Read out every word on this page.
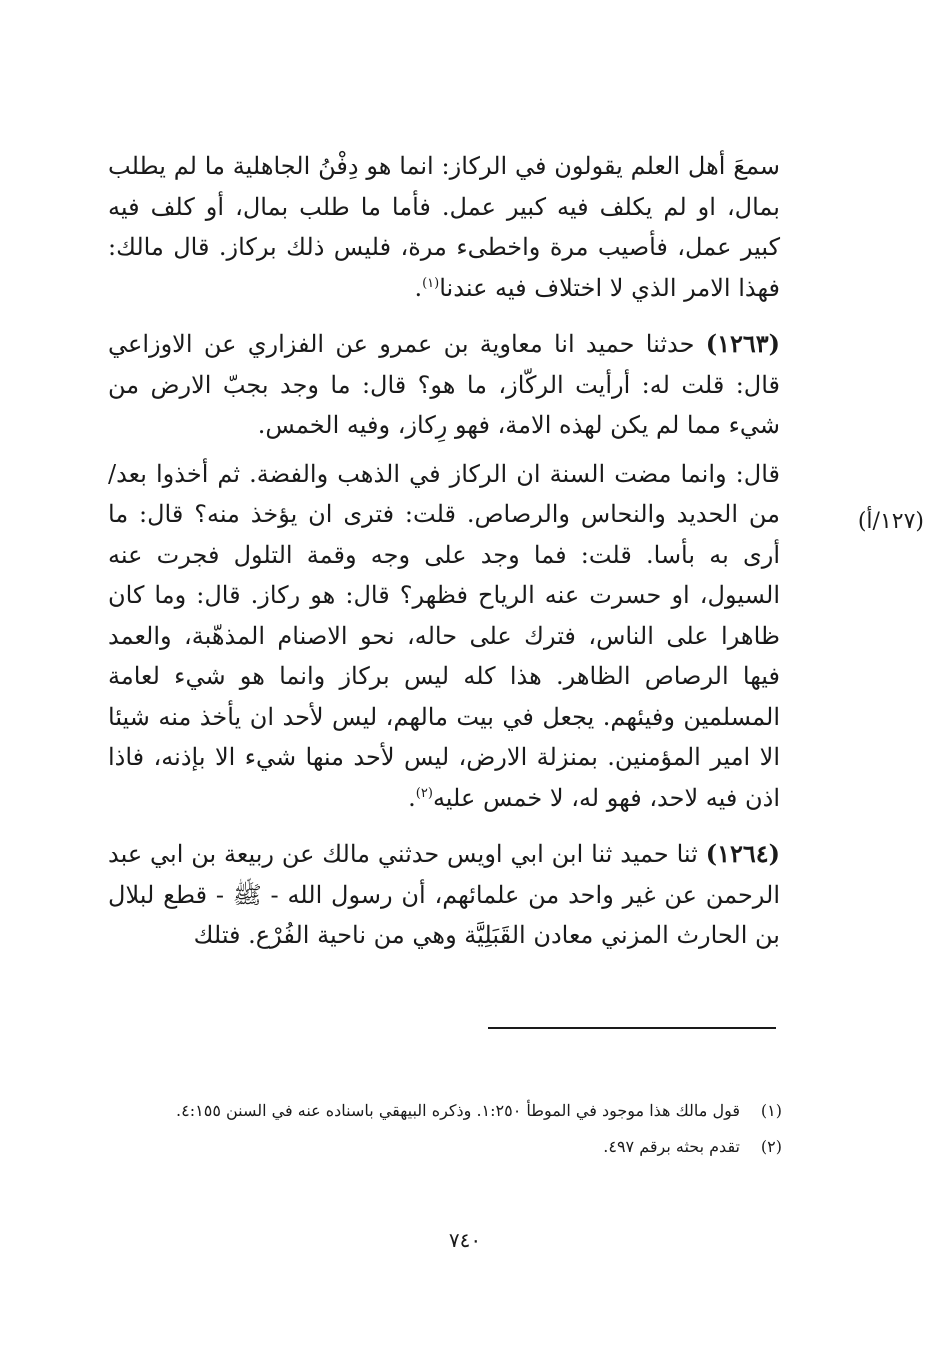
سمعَ أهل العلم يقولون في الركاز: انما هو دِفْنُ الجاهلية ما لم يطلب بمال، او لم يكلف فيه كبير عمل. فأما ما طلب بمال، أو كلف فيه كبير عمل، فأصيب مرة واخطىء مرة، فليس ذلك بركاز. قال مالك: فهذا الامر الذي لا اختلاف فيه عندنا$^{(١)}$.

(١٢٦٣) حدثنا حميد انا معاوية بن عمرو عن الفزاري عن الاوزاعي قال: قلت له: أرأيت الركّاز، ما هو؟ قال: ما وجد بجبّ الارض من شيء مما لم يكن لهذه الامة، فهو رِكاز، وفيه الخمس.

قال: وانما مضت السنة ان الركاز في الذهب والفضة. ثم أخذوا بعد/من الحديد والنحاس والرصاص. قلت: فترى ان يؤخذ منه؟ قال: ما أرى به بأسا. قلت: فما وجد على وجه وقمة التلول فجرت عنه السيول، او حسرت عنه الرياح فظهر؟ قال: هو ركاز. قال: وما كان ظاهرا على الناس، فترك على حاله، نحو الاصنام المذهّبة، والعمد فيها الرصاص الظاهر. هذا كله ليس بركاز وانما هو شيء لعامة المسلمين وفيئهم. يجعل في بيت مالهم، ليس لأحد ان يأخذ منه شيئا الا امير المؤمنين. بمنزلة الارض، ليس لأحد منها شيء الا بإذنه، فاذا اذن فيه لاحد، فهو له، لا خمس عليه$^{(٢)}$.

(١٢٦٤) ثنا حميد ثنا ابن ابي اويس حدثني مالك عن ربيعة بن ابي عبد الرحمن عن غير واحد من علمائهم، أن رسول الله - ﷺ - قطع لبلال بن الحارث المزني معادن القَبَلِيَّة وهي من ناحية الفُرْع. فتلك

(١٢٧/أ)
(١)
قول مالك هذا موجود في الموطأ ١:٢٥٠. وذكره البيهقي باسناده عنه في السنن ٤:١٥٥.
(٢)
تقدم بحثه برقم ٤٩٧.
٧٤٠
